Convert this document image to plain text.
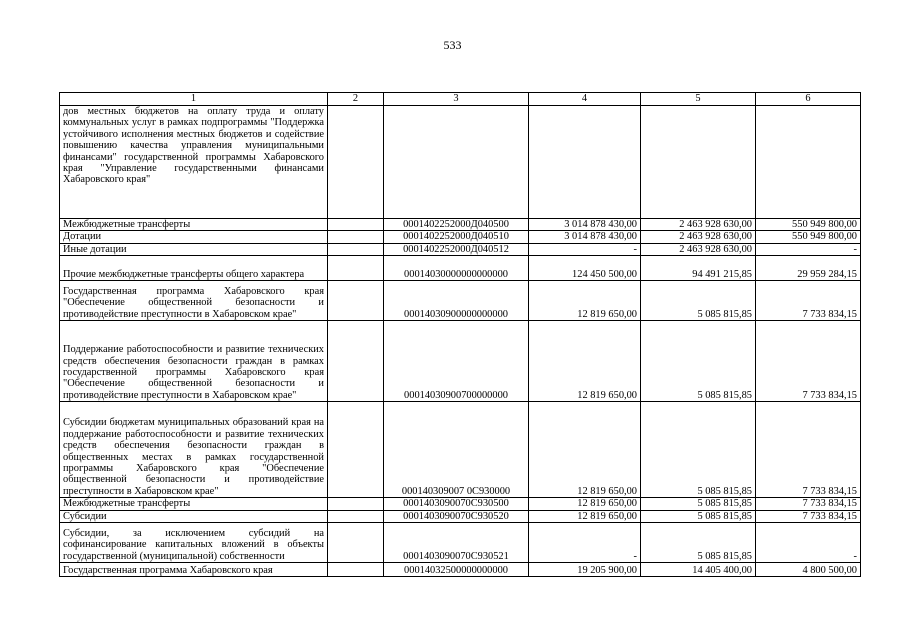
533
1	2	3	4	5	6
дов местных бюджетов на оплату труда и оплату коммунальных услуг в рамках подпрограммы "Поддержка устойчивого исполнения местных бюджетов и содействие повышению качества управления муниципальными финансами" государственной программы Хабаровского края "Управление государственными финансами Хабаровского края"					
Межбюджетные трансферты		0001402252000Д040500	3 014 878 430,00	2 463 928 630,00	550 949 800,00
Дотации		0001402252000Д040510	3 014 878 430,00	2 463 928 630,00	550 949 800,00
Иные дотации		0001402252000Д040512	-	2 463 928 630,00	-
Прочие межбюджетные трансферты общего характера		00014030000000000000	124 450 500,00	94 491 215,85	29 959 284,15
Государственная программа Хабаровского края "Обеспечение общественной безопасности и противодействие преступности в Хабаровском крае"		00014030900000000000	12 819 650,00	5 085 815,85	7 733 834,15
Поддержание работоспособности и развитие технических средств обеспечения безопасности граждан в рамках государственной программы Хабаровского края "Обеспечение общественной безопасности и противодействие преступности в Хабаровском крае"		00014030900700000000	12 819 650,00	5 085 815,85	7 733 834,15
Субсидии бюджетам муниципальных образований края на поддержание работоспособности и развитие технических средств обеспечения безопасности граждан в общественных местах в рамках государственной программы Хабаровского края "Обеспечение общественной безопасности и противодействие преступности в Хабаровском крае"		000140309007 0С930000	12 819 650,00	5 085 815,85	7 733 834,15
Межбюджетные трансферты		0001403090070С930500	12 819 650,00	5 085 815,85	7 733 834,15
Субсидии		0001403090070С930520	12 819 650,00	5 085 815,85	7 733 834,15
Субсидии, за исключением субсидий на софинансирование капитальных вложений в объекты государственной (муниципальной) собственности		0001403090070С930521	-	5 085 815,85	-
Государственная программа Хабаровского края		00014032500000000000	19 205 900,00	14 405 400,00	4 800 500,00
